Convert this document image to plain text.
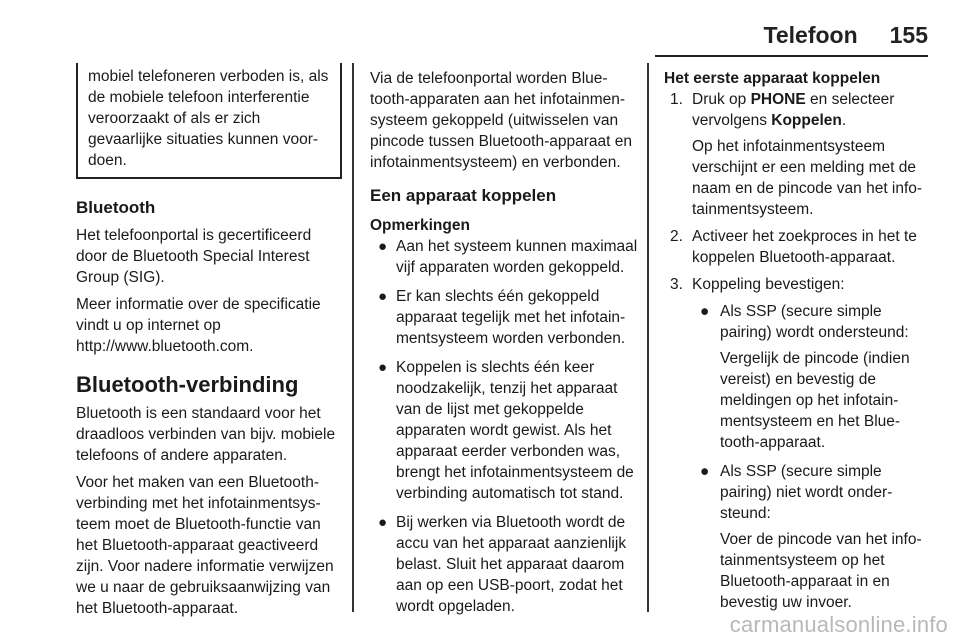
Telefoon 155

mobiel telefoneren verboden is, als de mobiele telefoon interferentie veroorzaakt of als er zich gevaarlijke situaties kunnen voordoen.

Bluetooth

Het telefoonportal is gecertificeerd door de Bluetooth Special Interest Group (SIG).

Meer informatie over de specificatie vindt u op internet op http://www.bluetooth.com.

Bluetooth-verbinding

Bluetooth is een standaard voor het draadloos verbinden van bijv. mobiele telefoons of andere apparaten.

Voor het maken van een Bluetooth-verbinding met het infotainmentsysteem moet de Bluetooth-functie van het Bluetooth-apparaat geactiveerd zijn. Voor nadere informatie verwijzen we u naar de gebruiksaanwijzing van het Bluetooth-apparaat.

Via de telefoonportal worden Bluetooth-apparaten aan het infotainmensysteem gekoppeld (uitwisselen van pincode tussen Bluetooth-apparaat en infotainmentsysteem) en verbonden.

Een apparaat koppelen
Opmerkingen
● Aan het systeem kunnen maximaal vijf apparaten worden gekoppeld.
● Er kan slechts één gekoppeld apparaat tegelijk met het infotainmentsysteem worden verbonden.
● Koppelen is slechts één keer noodzakelijk, tenzij het apparaat van de lijst met gekoppelde apparaten wordt gewist. Als het apparaat eerder verbonden was, brengt het infotainmentsysteem de verbinding automatisch tot stand.
● Bij werken via Bluetooth wordt de accu van het apparaat aanzienlijk belast. Sluit het apparaat daarom aan op een USB-poort, zodat het wordt opgeladen.
Het eerste apparaat koppelen
1. Druk op PHONE en selecteer vervolgens Koppelen.
Op het infotainmentsysteem verschijnt er een melding met de naam en de pincode van het infotainmentsysteem.
2. Activeer het zoekproces in het te koppelen Bluetooth-apparaat.
3. Koppeling bevestigen:
● Als SSP (secure simple pairing) wordt ondersteund:
Vergelijk de pincode (indien vereist) en bevestig de meldingen op het infotainmentsysteem en het Bluetooth-apparaat.
● Als SSP (secure simple pairing) niet wordt ondersteund:
Voer de pincode van het infotainmentsysteem op het Bluetooth-apparaat in en bevestig uw invoer.
carmanualsonline.info
